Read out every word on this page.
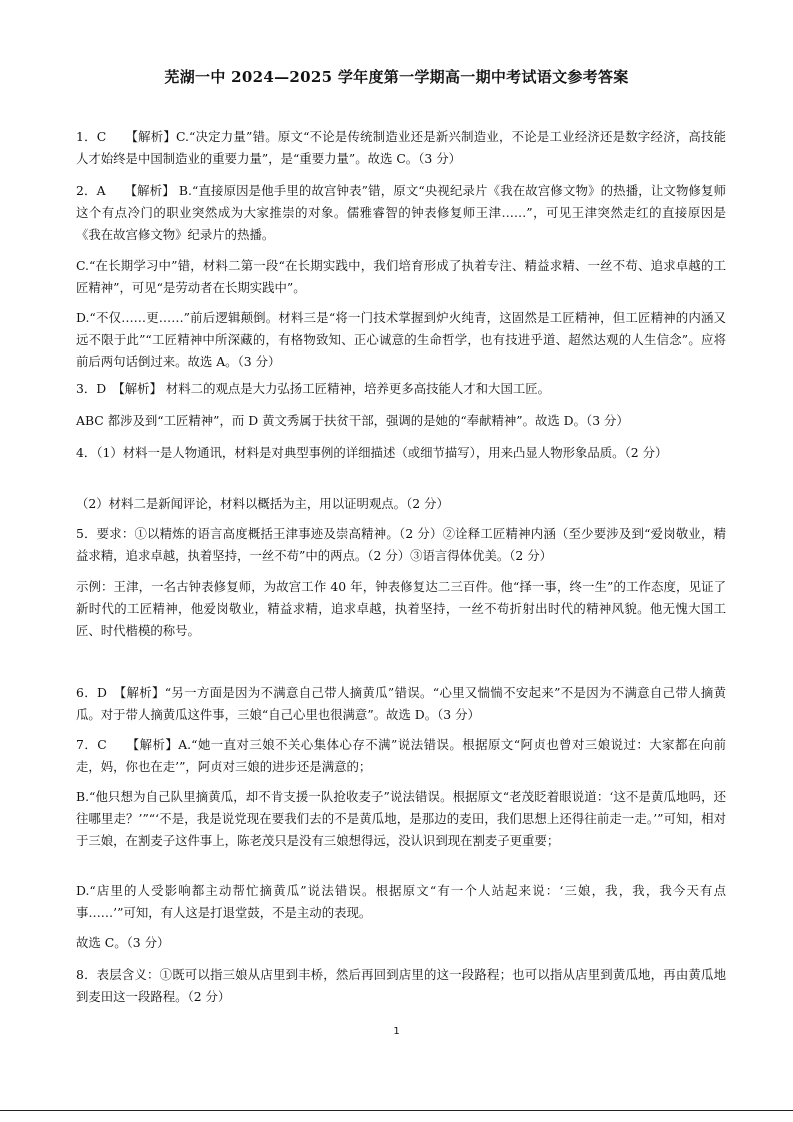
芜湖一中 2024—2025 学年度第一学期高一期中考试语文参考答案

1．C　　【解析】C.“决定力量”错。原文“不论是传统制造业还是新兴制造业，不论是工业经济还是数字经济，高技能人才始终是中国制造业的重要力量”，是“重要力量”。故选 C。（3 分）

2．A　　【解析】 B.“直接原因是他手里的故宫钟表”错，原文“央视纪录片《我在故宫修文物》的热播，让文物修复师这个有点冷门的职业突然成为大家推崇的对象。儒雅睿智的钟表修复师王津……”，可见王津突然走红的直接原因是《我在故宫修文物》纪录片的热播。

C.“在长期学习中”错，材料二第一段“在长期实践中，我们培育形成了执着专注、精益求精、一丝不苟、追求卓越的工匠精神”，可见“是劳动者在长期实践中”。

D.“不仅……更……”前后逻辑颠倒。材料三是“将一门技术掌握到炉火纯青，这固然是工匠精神，但工匠精神的内涵又远不限于此”“工匠精神中所深藏的，有格物致知、正心诚意的生命哲学，也有技进乎道、超然达观的人生信念”。应将前后两句话倒过来。故选 A。（3 分）

3．D　【解析】 材料二的观点是大力弘扬工匠精神，培养更多高技能人才和大国工匠。

ABC 都涉及到“工匠精神”，而 D 黄文秀属于扶贫干部，强调的是她的“奉献精神”。故选 D。（3 分）

4．（1）材料一是人物通讯，材料是对典型事例的详细描述（或细节描写），用来凸显人物形象品质。（2 分）

（2）材料二是新闻评论，材料以概括为主，用以证明观点。（2 分）

5．要求：①以精炼的语言高度概括王津事迹及崇高精神。（2 分）②诠释工匠精神内涵（至少要涉及到“爱岗敬业，精益求精，追求卓越，执着坚持，一丝不苟”中的两点。（2 分）③语言得体优美。（2 分）

示例：王津，一名古钟表修复师，为故宫工作 40 年，钟表修复达二三百件。他“择一事，终一生”的工作态度，见证了新时代的工匠精神，他爱岗敬业，精益求精，追求卓越，执着坚持，一丝不苟折射出时代的精神风貌。他无愧大国工匠、时代楷模的称号。

6．D　【解析】“另一方面是因为不满意自己带人摘黄瓜”错误。“心里又惴惴不安起来”不是因为不满意自己带人摘黄瓜。对于带人摘黄瓜这件事，三娘“自己心里也很满意”。故选 D。（3 分）

7．C　　【解析】A.“她一直对三娘不关心集体心存不满”说法错误。根据原文“阿贞也曾对三娘说过：大家都在向前走，妈，你也在走’”，阿贞对三娘的进步还是满意的；

B.“他只想为自己队里摘黄瓜，却不肯支援一队抢收麦子”说法错误。根据原文“老茂眨着眼说道：‘这不是黄瓜地吗，还往哪里走？’”“‘不是，我是说党现在要我们去的不是黄瓜地，是那边的麦田，我们思想上还得往前走一走。’”可知，相对于三娘，在割麦子这件事上，陈老茂只是没有三娘想得远，没认识到现在割麦子更重要；

D.“店里的人受影响都主动帮忙摘黄瓜”说法错误。根据原文“有一个人站起来说：‘三娘，我，我，我今天有点事……’”可知，有人这是打退堂鼓，不是主动的表现。

故选 C。（3 分）

8．表层含义：①既可以指三娘从店里到丰桥，然后再回到店里的这一段路程；也可以指从店里到黄瓜地，再由黄瓜地到麦田这一段路程。（2 分）

1
